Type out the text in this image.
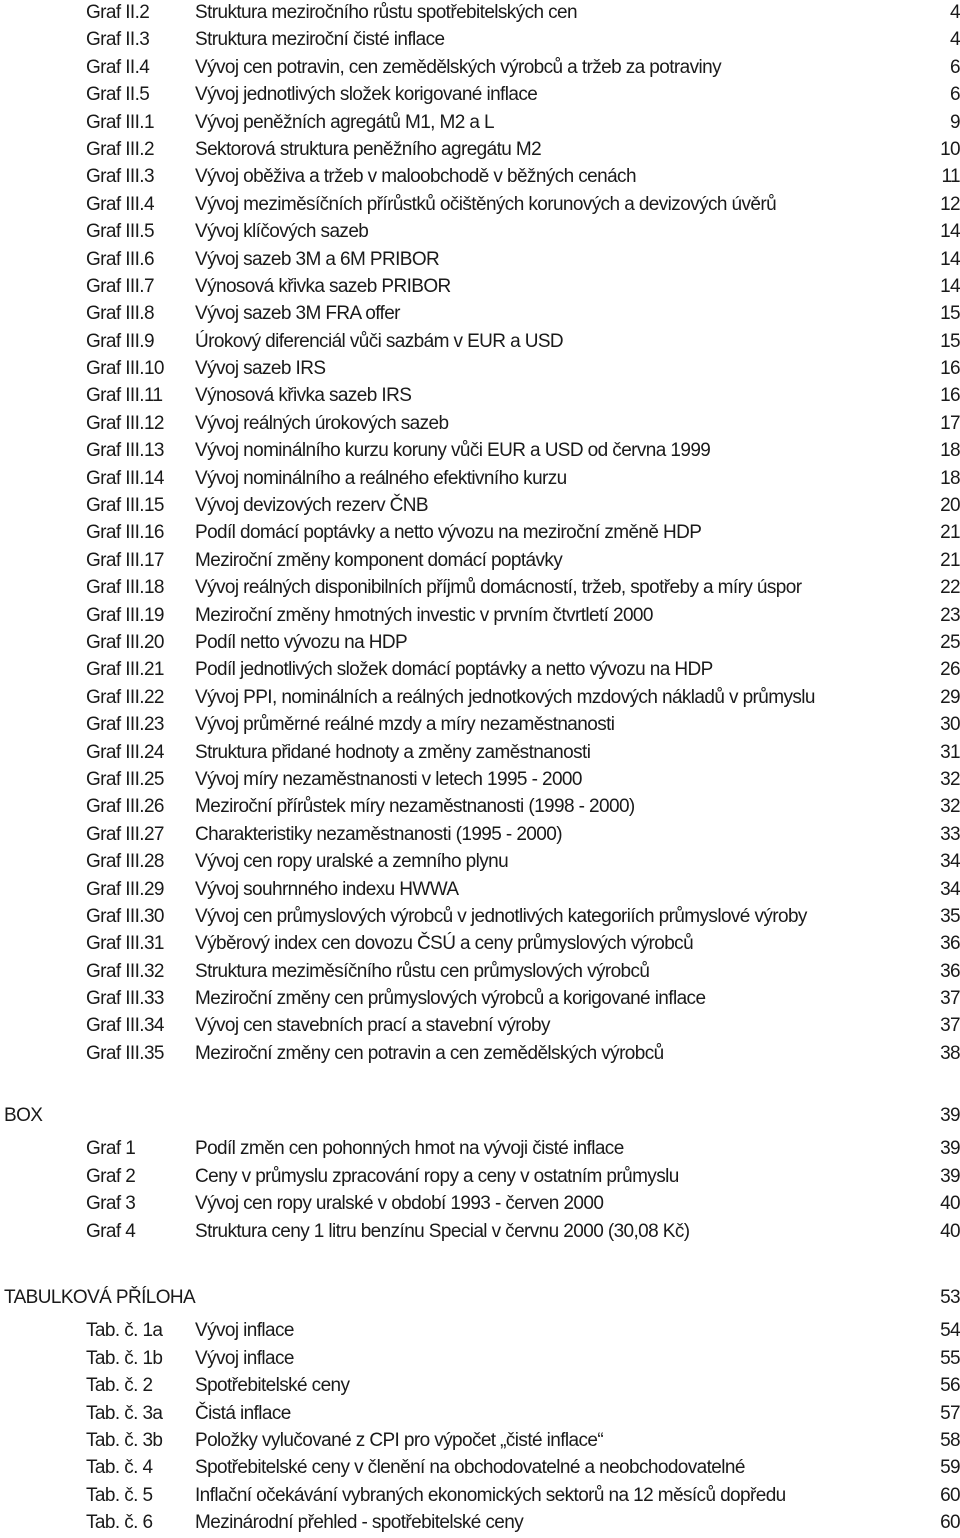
Graf II.2 Struktura meziročního růstu spotřebitelských cen	4
Graf II.3 Struktura meziroční čisté inflace	4
Graf II.4 Vývoj cen potravin, cen zemědělských výrobců a tržeb za potraviny	6
Graf II.5 Vývoj jednotlivých složek korigované inflace	6
Graf III.1 Vývoj peněžních agregátů M1, M2 a L	9
Graf III.2 Sektorová struktura peněžního agregátu M2	10
Graf III.3 Vývoj oběživa a tržeb v maloobchodě v běžných cenách	11
Graf III.4 Vývoj meziměsíčních přírůstků očištěných korunových a devizových úvěrů	12
Graf III.5 Vývoj klíčových sazeb	14
Graf III.6 Vývoj sazeb 3M a 6M PRIBOR	14
Graf III.7 Výnosová křivka sazeb PRIBOR	14
Graf III.8 Vývoj sazeb 3M FRA offer	15
Graf III.9 Úrokový diferenciál vůči sazbám v EUR a USD	15
Graf III.10 Vývoj sazeb IRS	16
Graf III.11 Výnosová křivka sazeb IRS	16
Graf III.12 Vývoj reálných úrokových sazeb	17
Graf III.13 Vývoj nominálního kurzu koruny vůči EUR a USD od června 1999	18
Graf III.14 Vývoj nominálního a reálného efektivního kurzu	18
Graf III.15 Vývoj devizových rezerv ČNB	20
Graf III.16 Podíl domácí poptávky a netto vývozu na meziroční změně HDP	21
Graf III.17 Meziroční změny komponent domácí poptávky	21
Graf III.18 Vývoj reálných disponibilních příjmů domácností, tržeb, spotřeby a míry úspor	22
Graf III.19 Meziroční změny hmotných investic v prvním čtvrtletí 2000	23
Graf III.20 Podíl netto vývozu na HDP	25
Graf III.21 Podíl jednotlivých složek domácí poptávky a netto vývozu na HDP	26
Graf III.22 Vývoj PPI, nominálních a reálných jednotkových mzdových nákladů v průmyslu	29
Graf III.23 Vývoj průměrné reálné mzdy a míry nezaměstnanosti	30
Graf III.24 Struktura přidané hodnoty a změny zaměstnanosti	31
Graf III.25 Vývoj míry nezaměstnanosti v letech 1995 - 2000	32
Graf III.26 Meziroční přírůstek míry nezaměstnanosti (1998 - 2000)	32
Graf III.27 Charakteristiky nezaměstnanosti (1995 - 2000)	33
Graf III.28 Vývoj cen ropy uralské a zemního plynu	34
Graf III.29 Vývoj souhrnného indexu HWWA	34
Graf III.30 Vývoj cen průmyslových výrobců v jednotlivých kategoriích průmyslové výroby	35
Graf III.31 Výběrový index cen dovozu ČSÚ a ceny průmyslových výrobců	36
Graf III.32 Struktura meziměsíčního růstu cen průmyslových výrobců	36
Graf III.33 Meziroční změny cen průmyslových výrobců a korigované inflace	37
Graf III.34 Vývoj cen stavebních prací a stavební výroby	37
Graf III.35 Meziroční změny cen potravin a cen zemědělských výrobců	38
BOX	39
Graf 1	Podíl změn cen pohonných hmot na vývoji čisté inflace	39
Graf 2	Ceny v průmyslu zpracování ropy a ceny v ostatním průmyslu	39
Graf 3	Vývoj cen ropy uralské v období 1993 - červen 2000	40
Graf 4	Struktura ceny 1 litru benzínu Special v červnu 2000 (30,08 Kč)	40
TABULKOVÁ PŘÍLOHA	53
Tab. č. 1a Vývoj inflace	54
Tab. č. 1b Vývoj inflace	55
Tab. č. 2 Spotřebitelské ceny	56
Tab. č. 3a Čistá inflace	57
Tab. č. 3b Položky vylučované z CPI pro výpočet „čisté inflace“	58
Tab. č. 4 Spotřebitelské ceny v členění na obchodovatelné a neobchodovatelné	59
Tab. č. 5 Inflační očekávání vybraných ekonomických sektorů na 12 měsíců dopředu	60
Tab. č. 6 Mezinárodní přehled - spotřebitelské ceny	60
